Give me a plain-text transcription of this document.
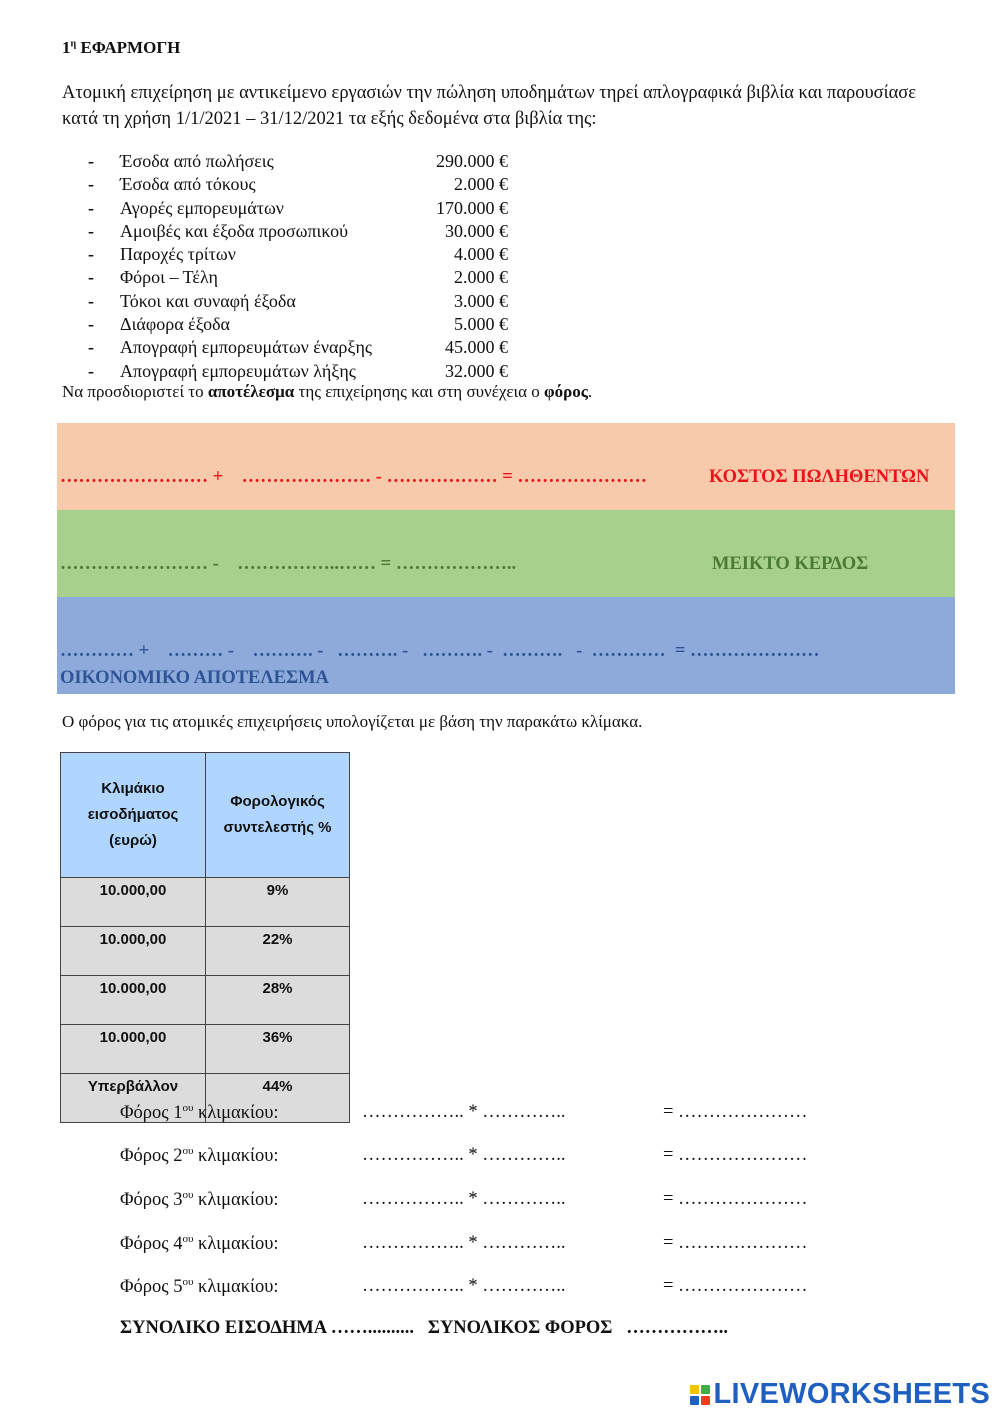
$1^\eta$ ΕΦΑΡΜΟΓΗ
Ατομική επιχείρηση με αντικείμενο εργασιών την πώληση υποδημάτων τηρεί απλογραφικά βιβλία και παρουσίασε κατά τη χρήση 1/1/2021 – 31/12/2021 τα εξής δεδομένα στα βιβλία της:
- Έσοδα από πωλήσεις	290.000 €
- Έσοδα από τόκους	2.000 €
- Αγορές εμπορευμάτων	170.000 €
- Αμοιβές και έξοδα προσωπικού	30.000 €
- Παροχές τρίτων	4.000 €
- Φόροι – Τέλη	2.000 €
- Τόκοι και συναφή έξοδα	3.000 €
- Διάφορα έξοδα	5.000 €
- Απογραφή εμπορευμάτων έναρξης	45.000 €
- Απογραφή εμπορευμάτων λήξης	32.000 €
Να προσδιοριστεί το αποτέλεσμα της επιχείρησης και στη συνέχεια ο φόρος.
…………………… +    ………………… - ……………… = …………………	ΚΟΣΤΟΣ ΠΩΛΗΘΕΝΤΩΝ
…………………… -    ……………..…… = ………………..	ΜΕΙΚΤΟ ΚΕΡΔΟΣ
………… +    ……… -    ………. -   ………. -   ………. -  ……….   -  …………  = …………………
ΟΙΚΟΝΟΜΙΚΟ ΑΠΟΤΕΛΕΣΜΑ
Ο φόρος για τις ατομικές επιχειρήσεις υπολογίζεται με βάση την παρακάτω κλίμακα.
Κλιμάκιο εισοδήματος (ευρώ)	Φορολογικός συντελεστής %

10.000,00	9%
10.000,00	22%
10.000,00	28%
10.000,00	36%
Υπερβάλλον	44%
Φόρος $1^{o\upsilon}$ κλιμακίου:	…………….. * …………..	= …………………
Φόρος $2^{o\upsilon}$ κλιμακίου:	…………….. * …………..	= …………………
Φόρος $3^{o\upsilon}$ κλιμακίου:	…………….. * …………..	= …………………
Φόρος $4^{o\upsilon}$ κλιμακίου:	…………….. * …………..	= …………………
Φόρος $5^{o\upsilon}$ κλιμακίου:	…………….. * …………..	= …………………
ΣΥΝΟΛΙΚΟ ΕΙΣΟΔΗΜΑ ……..........   ΣΥΝΟΛΙΚΟΣ ΦΟΡΟΣ   ……………..
LIVEWORKSHEETS
